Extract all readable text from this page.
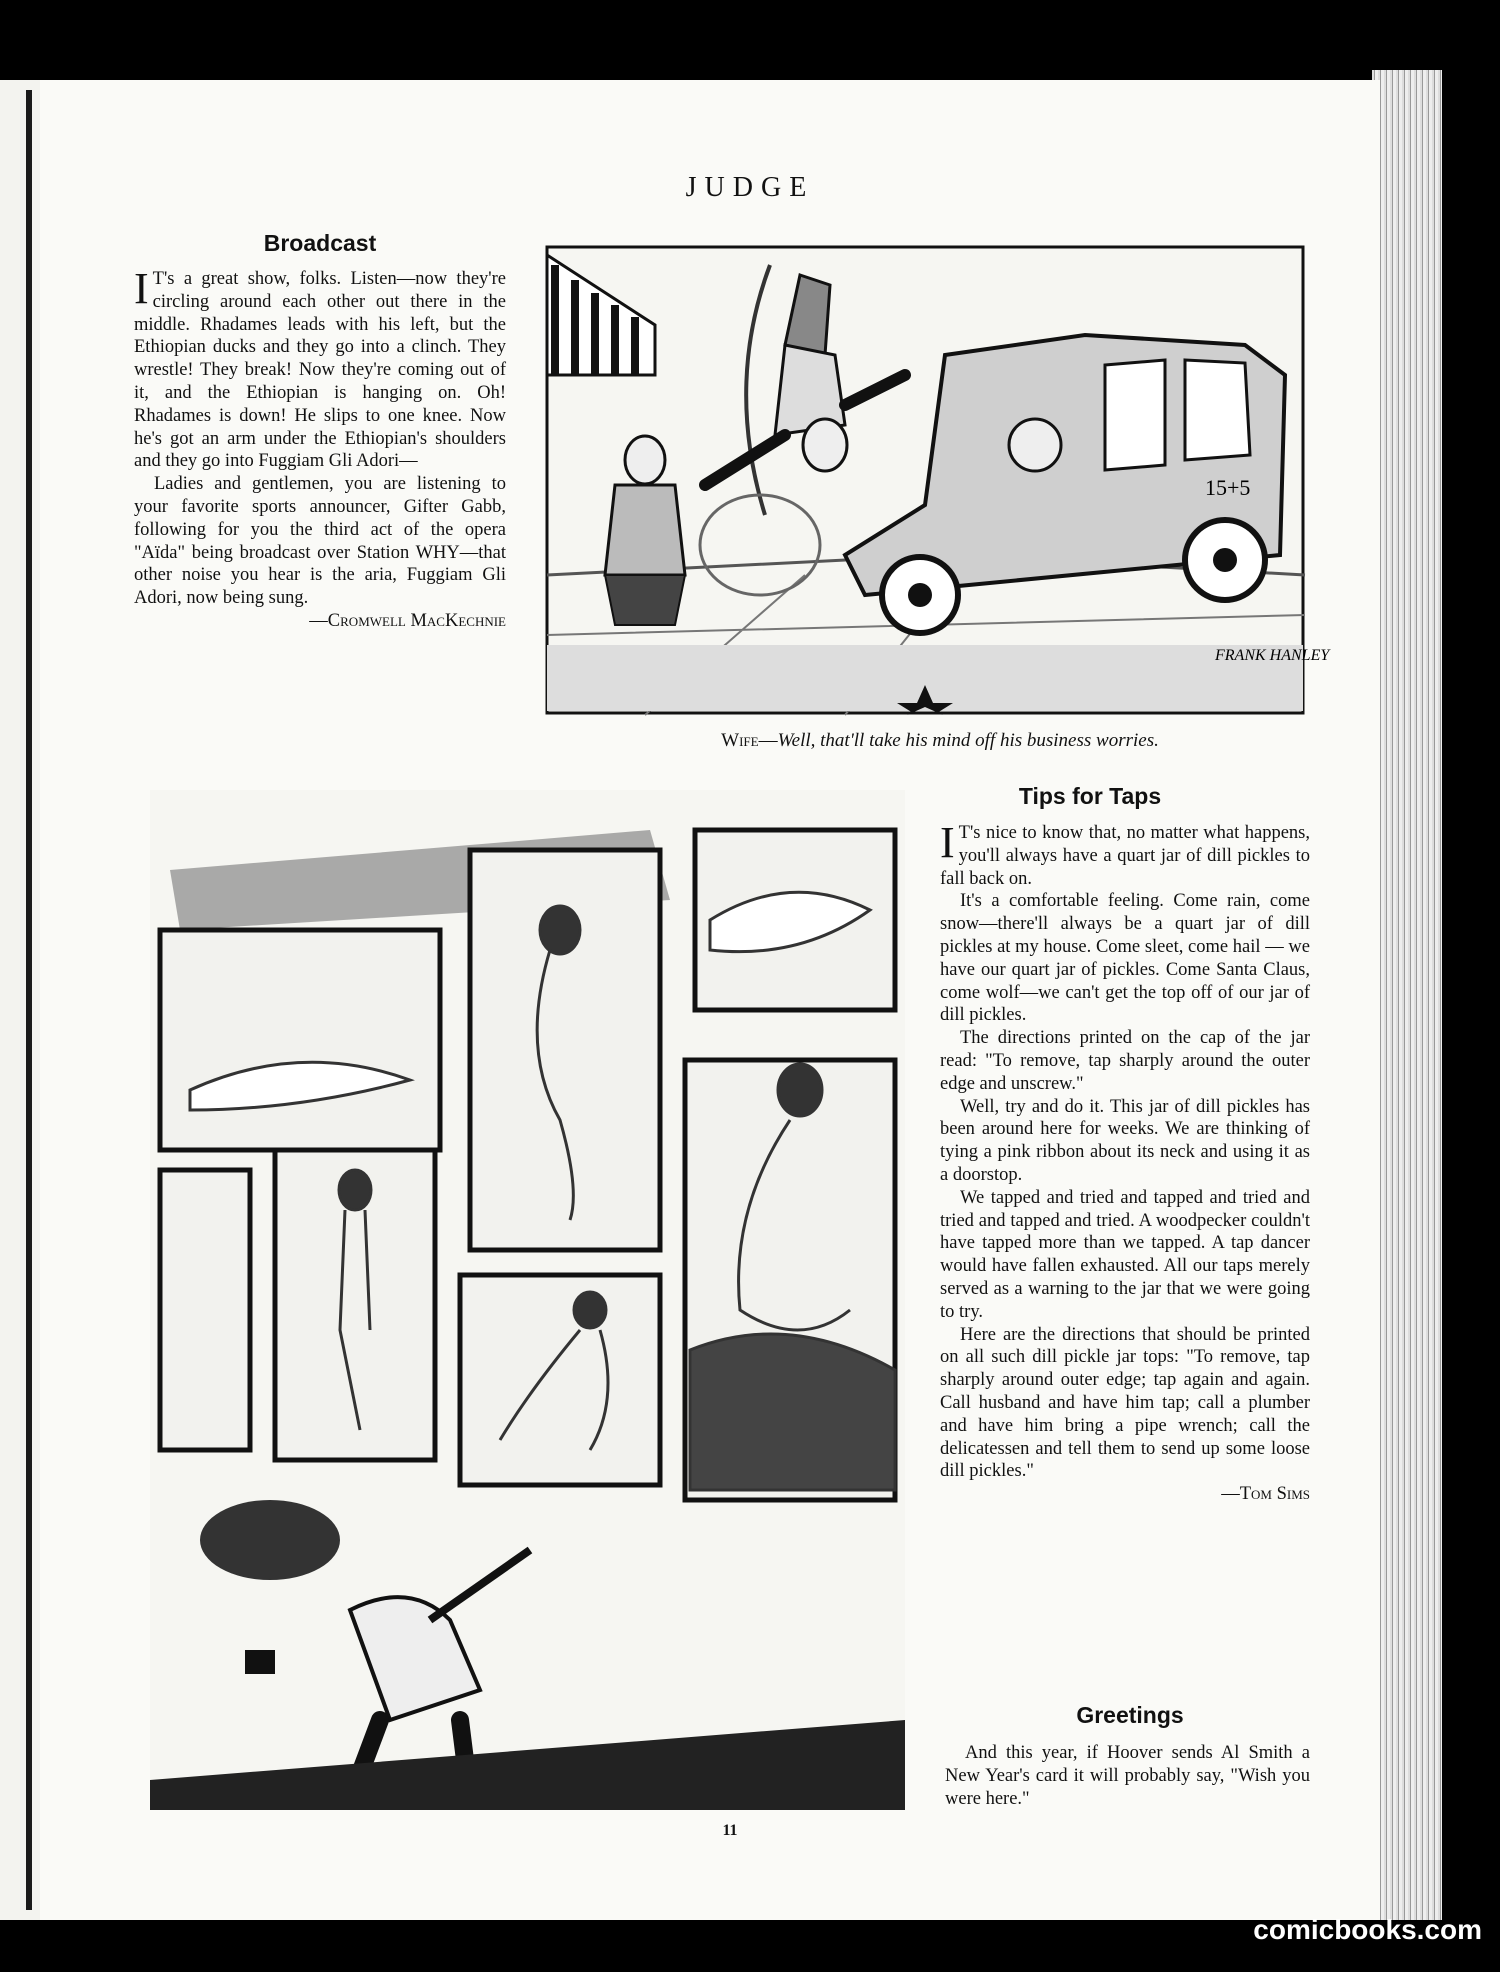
JUDGE
Broadcast

I T's a great show, folks. Listen—now they're circling around each other out there in the middle. Rhadames leads with his left, but the Ethiopian ducks and they go into a clinch. They wrestle! They break! Now they're coming out of it, and the Ethiopian is hanging on. Oh! Rhadames is down! He slips to one knee. Now he's got an arm under the Ethiopian's shoulders and they go into Fuggiam Gli Adori—

Ladies and gentlemen, you are listening to your favorite sports announcer, Gifter Gabb, following for you the third act of the opera "Aïda" being broadcast over Station WHY—that other noise you hear is the aria, Fuggiam Gli Adori, now being sung.

—Cromwell MacKechnie
15+5
FRANK HANLEY
Wife—Well, that'll take his mind off his business worries.
Tips for Taps

I T's nice to know that, no matter what happens, you'll always have a quart jar of dill pickles to fall back on.

It's a comfortable feeling. Come rain, come snow—there'll always be a quart jar of dill pickles at my house. Come sleet, come hail — we have our quart jar of pickles. Come Santa Claus, come wolf—we can't get the top off of our jar of dill pickles.

The directions printed on the cap of the jar read: "To remove, tap sharply around the outer edge and unscrew."

Well, try and do it. This jar of dill pickles has been around here for weeks. We are thinking of tying a pink ribbon about its neck and using it as a doorstop.

We tapped and tried and tapped and tried and tried and tapped and tried. A woodpecker couldn't have tapped more than we tapped. A tap dancer would have fallen exhausted. All our taps merely served as a warning to the jar that we were going to try.

Here are the directions that should be printed on all such dill pickle jar tops: "To remove, tap sharply around outer edge; tap again and again. Call husband and have him tap; call a plumber and have him bring a pipe wrench; call the delicatessen and tell them to send up some loose dill pickles."

—Tom Sims
Greetings

And this year, if Hoover sends Al Smith a New Year's card it will probably say, "Wish you were here."

11
comicbooks.com
